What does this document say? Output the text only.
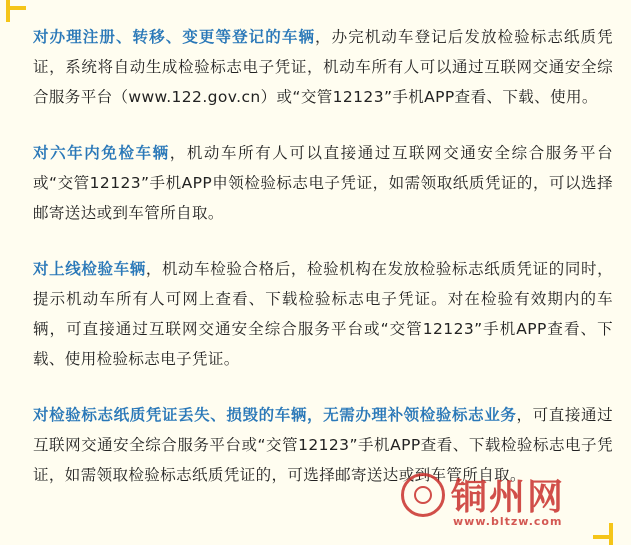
对办理注册、转移、变更等登记的车辆，办完机动车登记后发放检验标志纸质凭证，系统将自动生成检验标志电子凭证，机动车所有人可以通过互联网交通安全综合服务平台（www.122.gov.cn）或“交管12123”手机APP查看、下载、使用。

对六年内免检车辆，机动车所有人可以直接通过互联网交通安全综合服务平台或“交管12123”手机APP申领检验标志电子凭证，如需领取纸质凭证的，可以选择邮寄送达或到车管所自取。

对上线检验车辆，机动车检验合格后，检验机构在发放检验标志纸质凭证的同时，提示机动车所有人可网上查看、下载检验标志电子凭证。对在检验有效期内的车辆，可直接通过互联网交通安全综合服务平台或“交管12123”手机APP查看、下载、使用检验标志电子凭证。

对检验标志纸质凭证丢失、损毁的车辆，无需办理补领检验标志业务，可直接通过互联网交通安全综合服务平台或“交管12123”手机APP查看、下载检验标志电子凭证，如需领取检验标志纸质凭证的，可选择邮寄送达或到车管所自取。

铜州网
www.bltzw.com
